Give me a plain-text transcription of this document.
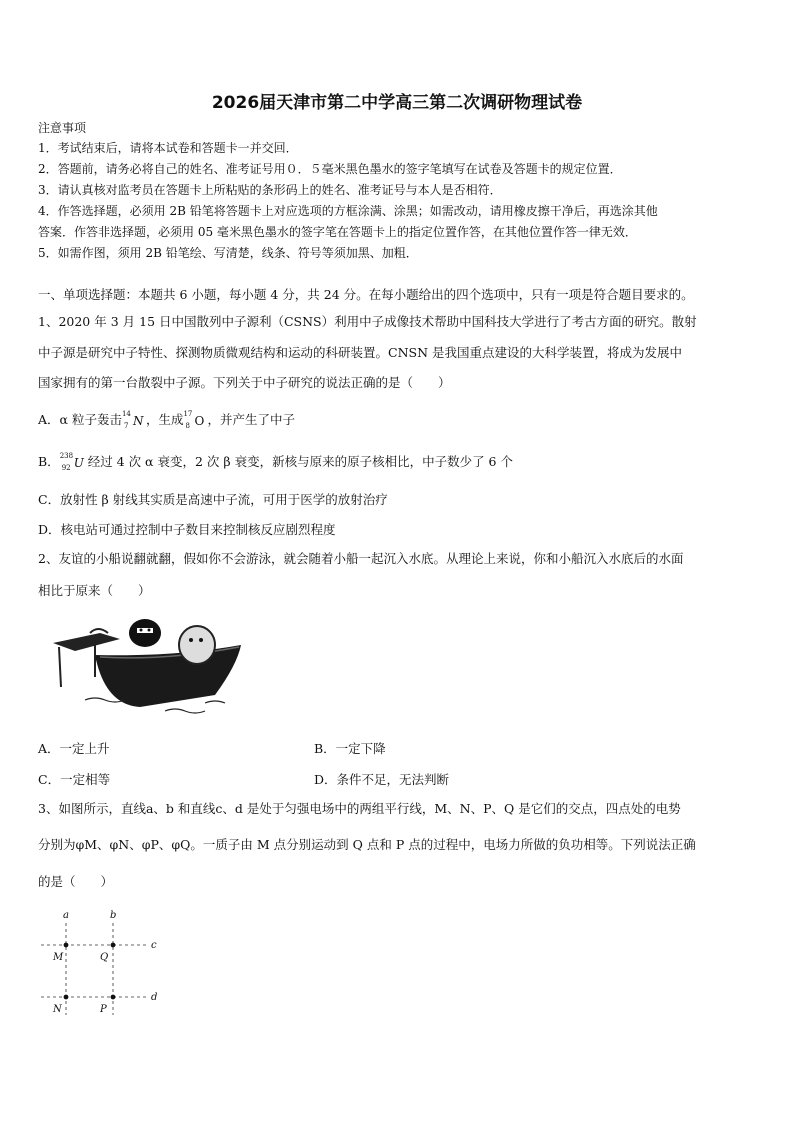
2026届天津市第二中学高三第二次调研物理试卷
注意事项
1．考试结束后，请将本试卷和答题卡一并交回．
2．答题前，请务必将自己的姓名、准考证号用０．５毫米黑色墨水的签字笔填写在试卷及答题卡的规定位置．
3．请认真核对监考员在答题卡上所粘贴的条形码上的姓名、准考证号与本人是否相符．
4．作答选择题，必须用 2B 铅笔将答题卡上对应选项的方框涂满、涂黑；如需改动，请用橡皮擦干净后，再选涂其他
答案．作答非选择题，必须用 05 毫米黑色墨水的签字笔在答题卡上的指定位置作答，在其他位置作答一律无效．
5．如需作图，须用 2B 铅笔绘、写清楚，线条、符号等须加黑、加粗．
一、单项选择题：本题共 6 小题，每小题 4 分，共 24 分。在每小题给出的四个选项中，只有一项是符合题目要求的。
1、2020 年 3 月 15 日中国散列中子源利（CSNS）利用中子成像技术帮助中国科技大学进行了考古方面的研究。散射
中子源是研究中子特性、探测物质微观结构和运动的科研装置。CNSN 是我国重点建设的大科学装置，将成为发展中
国家拥有的第一台散裂中子源。下列关于中子研究的说法正确的是（　　）
A．α 粒子轰击 14
7 N ，生成 17
8 O ，并产生了中子
B． 238
92 U 经过 4 次 α 衰变，2 次 β 衰变，新核与原来的原子核相比，中子数少了 6 个
C．放射性 β 射线其实质是高速中子流，可用于医学的放射治疗
D．核电站可通过控制中子数目来控制核反应剧烈程度
2、友谊的小船说翻就翻，假如你不会游泳，就会随着小船一起沉入水底。从理论上来说，你和小船沉入水底后的水面
相比于原来（　　）
A．一定上升	B．一定下降
C．一定相等	D．条件不足，无法判断
3、如图所示，直线a、b 和直线c、d 是处于匀强电场中的两组平行线，M、N、P、Q 是它们的交点，四点处的电势
分别为φM、φN、φP、φQ。一质子由 M 点分别运动到 Q 点和 P 点的过程中，电场力所做的负功相等。下列说法正确
的是（　　）
a	b
c
d
M	Q
N	P
